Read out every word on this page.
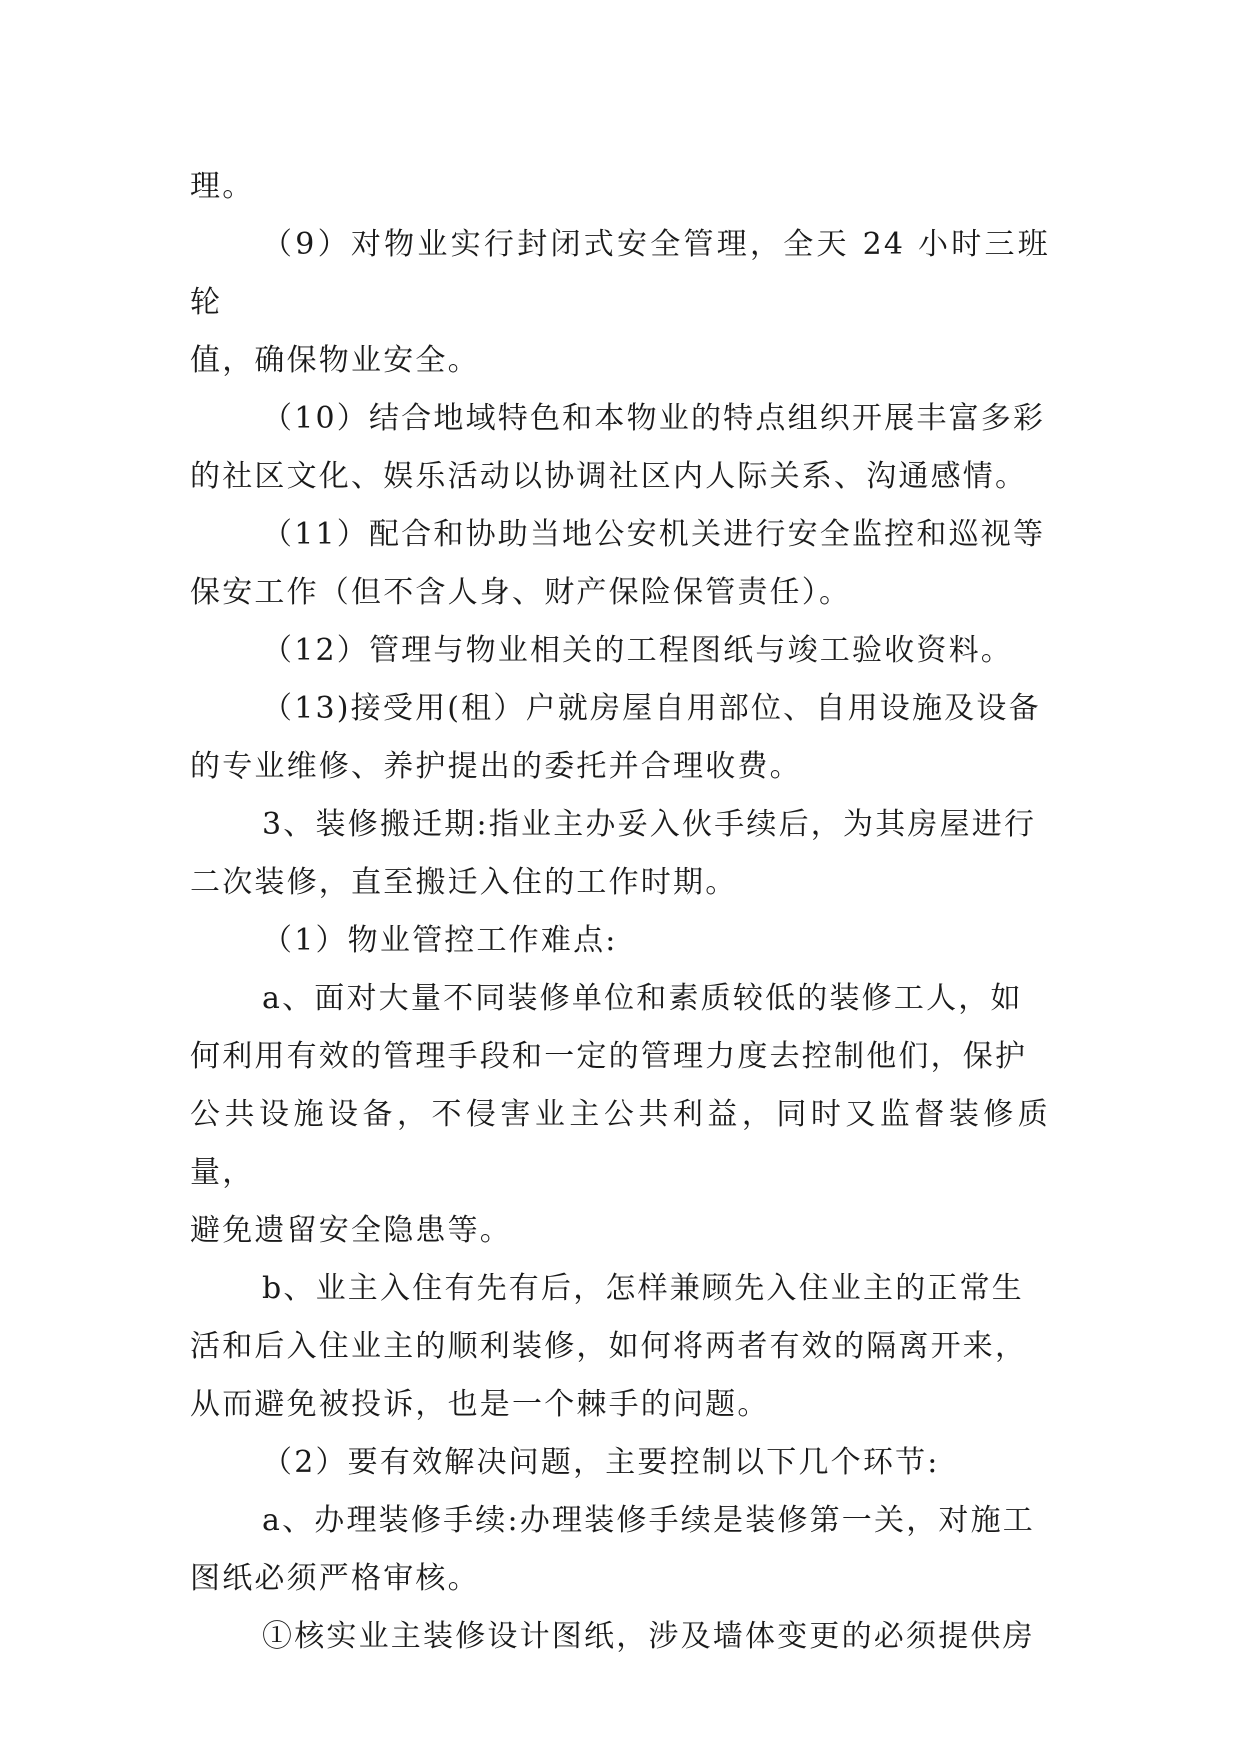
理。

（9）对物业实行封闭式安全管理，全天 24 小时三班轮
值，确保物业安全。

（10）结合地域特色和本物业的特点组织开展丰富多彩
的社区文化、娱乐活动以协调社区内人际关系、沟通感情。

（11）配合和协助当地公安机关进行安全监控和巡视等
保安工作（但不含人身、财产保险保管责任）。

（12）管理与物业相关的工程图纸与竣工验收资料。

（13)接受用(租）户就房屋自用部位、自用设施及设备
的专业维修、养护提出的委托并合理收费。

3、装修搬迁期:指业主办妥入伙手续后，为其房屋进行
二次装修，直至搬迁入住的工作时期。

（1）物业管控工作难点:

a、面对大量不同装修单位和素质较低的装修工人，如
何利用有效的管理手段和一定的管理力度去控制他们，保护
公共设施设备，不侵害业主公共利益，同时又监督装修质量，
避免遗留安全隐患等。

b、业主入住有先有后，怎样兼顾先入住业主的正常生
活和后入住业主的顺利装修，如何将两者有效的隔离开来，
从而避免被投诉，也是一个棘手的问题。

（2）要有效解决问题，主要控制以下几个环节:

a、办理装修手续:办理装修手续是装修第一关，对施工
图纸必须严格审核。

①核实业主装修设计图纸，涉及墙体变更的必须提供房
